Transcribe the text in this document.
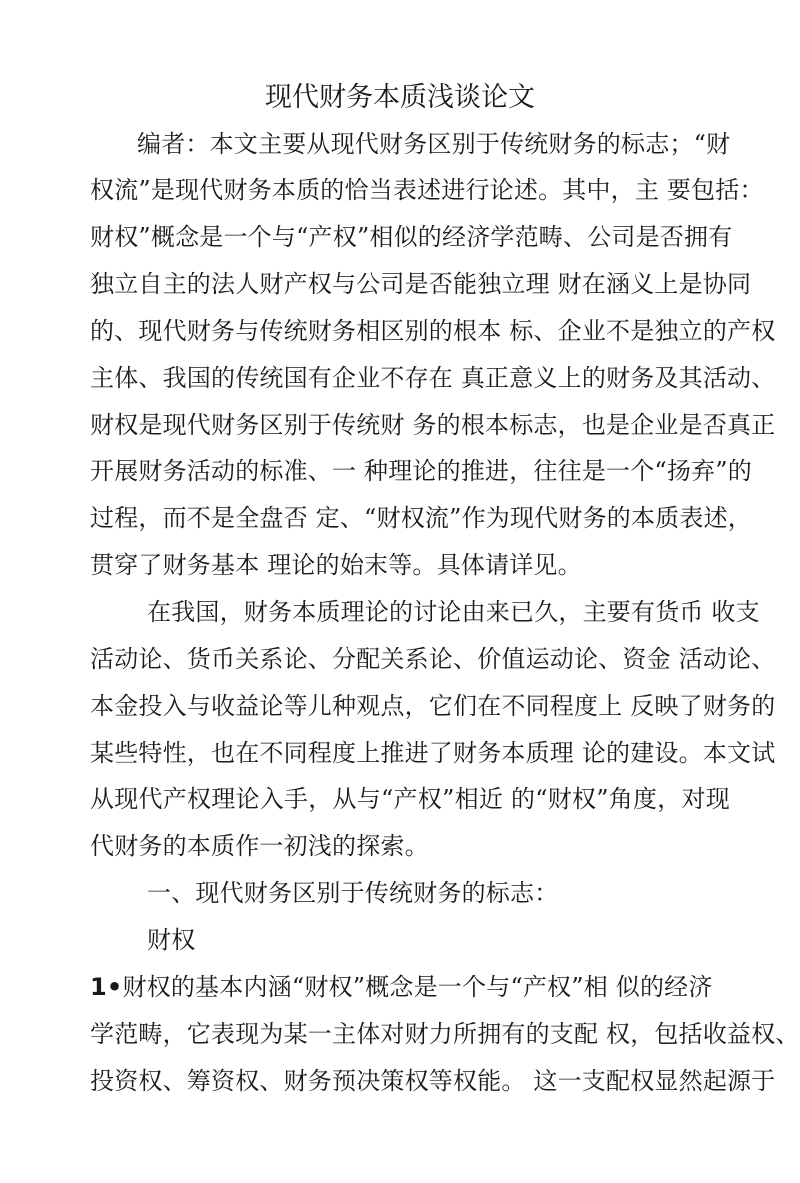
现代财务本质浅谈论文
编者：本文主要从现代财务区别于传统财务的标志；“财
权流”是现代财务本质的恰当表述进行论述。其中，主 要包括：
财权”概念是一个与“产权”相似的经济学范畴、公司是否拥有
独立自主的法人财产权与公司是否能独立理 财在涵义上是协同
的、现代财务与传统财务相区别的根本 标、企业不是独立的产权
主体、我国的传统国有企业不存在 真正意义上的财务及其活动、
财权是现代财务区别于传统财 务的根本标志，也是企业是否真正
开展财务活动的标准、一 种理论的推进，往往是一个“扬弃”的
过程，而不是全盘否 定、“财权流”作为现代财务的本质表述，
贯穿了财务基本 理论的始末等。具体请详见。
在我国，财务本质理论的讨论由来已久，主要有货币 收支
活动论、货币关系论、分配关系论、价值运动论、资金 活动论、
本金投入与收益论等儿种观点，它们在不同程度上 反映了财务的
某些特性，也在不同程度上推进了财务本质理 论的建设。本文试
从现代产权理论入手，从与“产权”相近 的“财权”角度，对现
代财务的本质作一初浅的探索。
一、现代财务区别于传统财务的标志：
财权
1•财权的基本内涵“财权”概念是一个与“产权”相 似的经济
学范畴，它表现为某一主体对财力所拥有的支配 权，包括收益权、
投资权、筹资权、财务预决策权等权能。 这一支配权显然起源于
